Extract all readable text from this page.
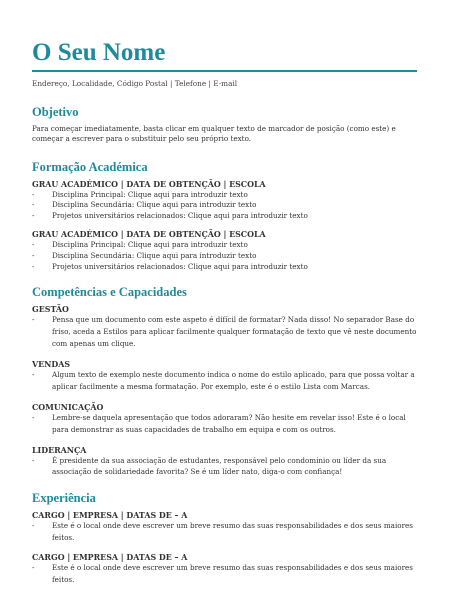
O Seu Nome
Endereço, Localidade, Código Postal | Telefone | E-mail
Objetivo
Para começar imediatamente, basta clicar em qualquer texto de marcador de posição (como este) e começar a escrever para o substituir pelo seu próprio texto.
Formação Académica
GRAU ACADÉMICO | DATA DE OBTENÇÃO | ESCOLA
- Disciplina Principal: Clique aqui para introduzir texto
- Disciplina Secundária: Clique aqui para introduzir texto
- Projetos universitários relacionados: Clique aqui para introduzir texto
GRAU ACADÉMICO | DATA DE OBTENÇÃO | ESCOLA
- Disciplina Principal: Clique aqui para introduzir texto
- Disciplina Secundária: Clique aqui para introduzir texto
- Projetos universitários relacionados: Clique aqui para introduzir texto
Competências e Capacidades
GESTÃO
- Pensa que um documento com este aspeto é difícil de formatar? Nada disso! No separador Base do friso, aceda a Estilos para aplicar facilmente qualquer formatação de texto que vê neste documento com apenas um clique.
VENDAS
- Algum texto de exemplo neste documento indica o nome do estilo aplicado, para que possa voltar a aplicar facilmente a mesma formatação. Por exemplo, este é o estilo Lista com Marcas.
COMUNICAÇÃO
- Lembre-se daquela apresentação que todos adoraram? Não hesite em revelar isso! Este é o local para demonstrar as suas capacidades de trabalho em equipa e com os outros.
LIDERANÇA
- É presidente da sua associação de estudantes, responsável pelo condomínio ou líder da sua associação de solidariedade favorita? Se é um líder nato, diga-o com confiança!
Experiência
CARGO | EMPRESA | DATAS DE – A
- Este é o local onde deve escrever um breve resumo das suas responsabilidades e dos seus maiores feitos.
CARGO | EMPRESA | DATAS DE – A
- Este é o local onde deve escrever um breve resumo das suas responsabilidades e dos seus maiores feitos.
